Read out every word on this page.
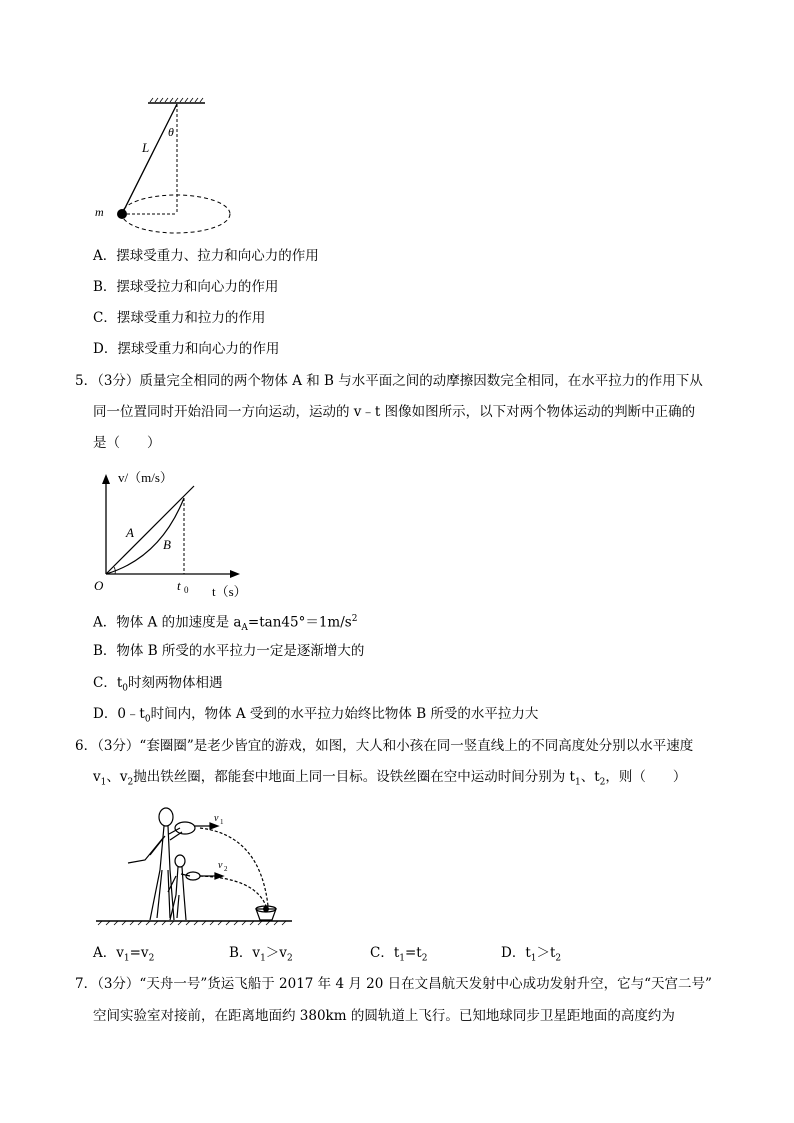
L
θ
m
A．摆球受重力、拉力和向心力的作用
B．摆球受拉力和向心力的作用
C．摆球受重力和拉力的作用
D．摆球受重力和向心力的作用
5．（3分）质量完全相同的两个物体 A 和 B 与水平面之间的动摩擦因数完全相同，在水平拉力的作用下从
同一位置同时开始沿同一方向运动，运动的 v﹣t 图像如图所示，以下对两个物体运动的判断中正确的
是（　　）
v/（m/s）
t（s）
O	t 0
A
B
A．物体 A 的加速度是 $a_A=\tan 45^\circ=1m/s^2$
B．物体 B 所受的水平拉力一定是逐渐增大的
C．$t_0$时刻两物体相遇
D．$0﹣t_0$时间内，物体 A 受到的水平拉力始终比物体 B 所受的水平拉力大
6．（3分）“套圈圈”是老少皆宜的游戏，如图，大人和小孩在同一竖直线上的不同高度处分别以水平速度
$v_1$、$v_2$抛出铁丝圈，都能套中地面上同一目标。设铁丝圈在空中运动时间分别为 $t_1$、$t_2$，则（　　）
v 1
v 2
A．$v_1=v_2$	B．$v_1>v_2$	C．$t_1=t_2$	D．$t_1>t_2$
7．（3分）“天舟一号”货运飞船于 2017 年 4 月 20 日在文昌航天发射中心成功发射升空，它与“天宫二号”
空间实验室对接前，在距离地面约 380km 的圆轨道上飞行。已知地球同步卫星距地面的高度约为
